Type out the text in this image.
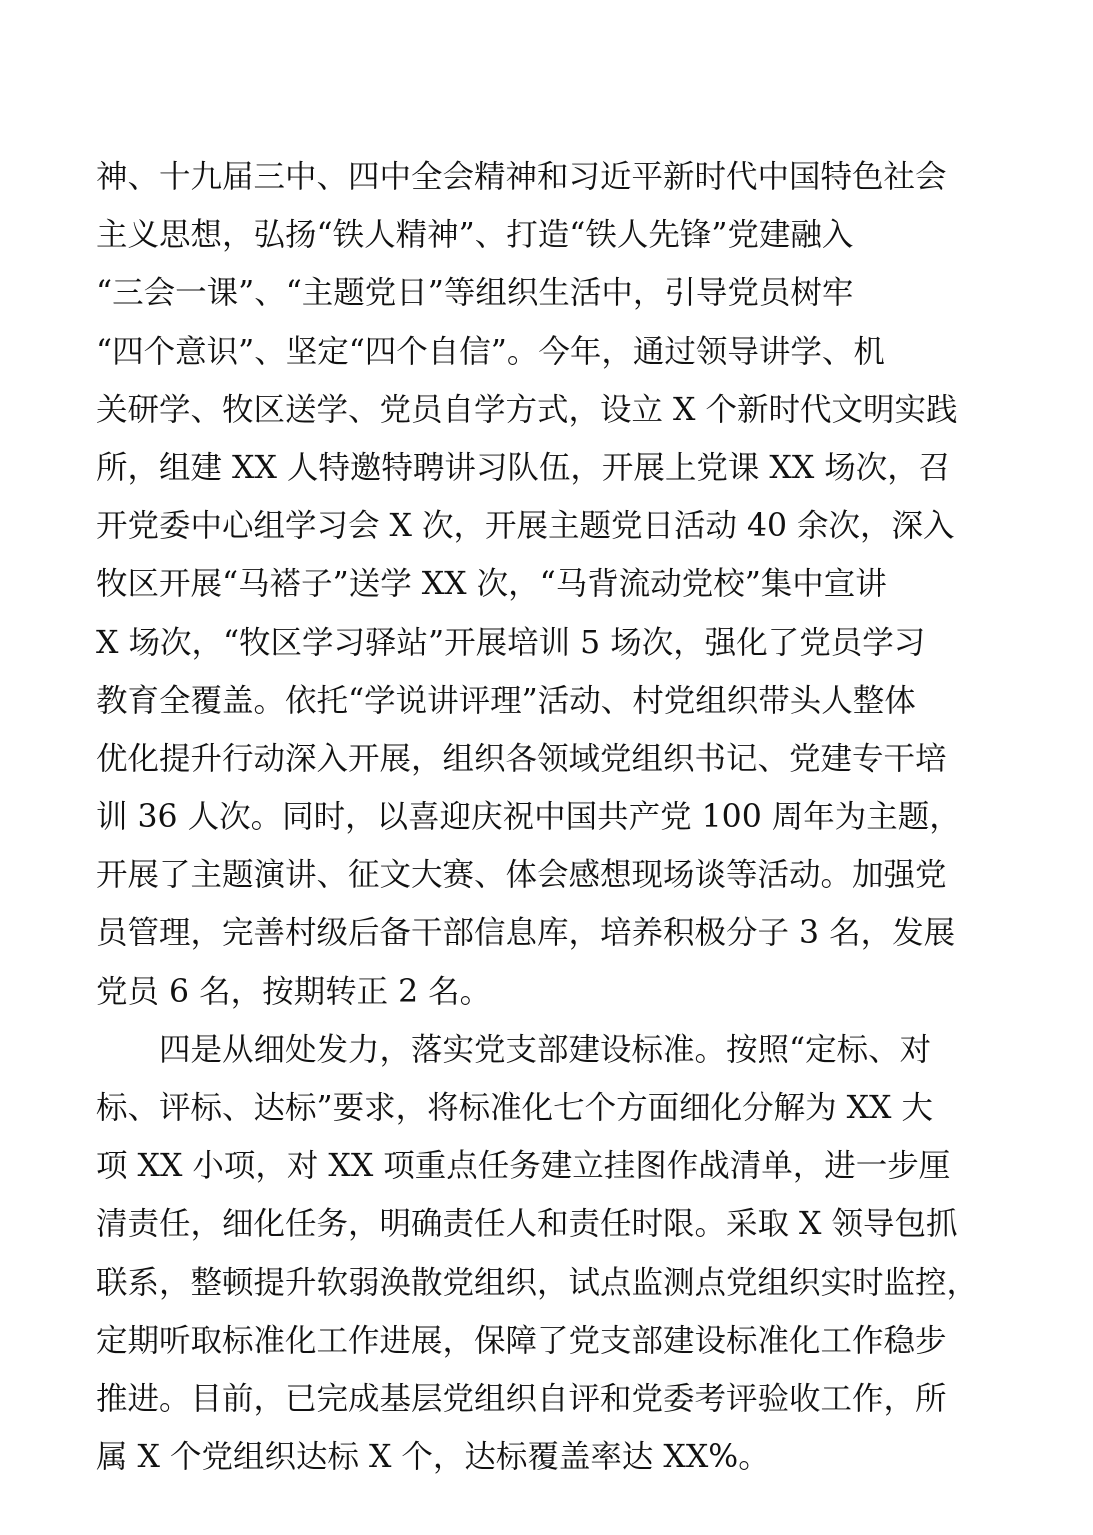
神、十九届三中、四中全会精神和习近平新时代中国特色社会
主义思想，弘扬“铁人精神”、打造“铁人先锋”党建融入
“三会一课”、“主题党日”等组织生活中，引导党员树牢
“四个意识”、坚定“四个自信”。今年，通过领导讲学、机
关研学、牧区送学、党员自学方式，设立 X 个新时代文明实践
所，组建 XX 人特邀特聘讲习队伍，开展上党课 XX 场次，召
开党委中心组学习会 X 次，开展主题党日活动 40 余次，深入
牧区开展“马褡子”送学 XX 次，“马背流动党校”集中宣讲
X 场次，“牧区学习驿站”开展培训 5 场次，强化了党员学习
教育全覆盖。依托“学说讲评理”活动、村党组织带头人整体
优化提升行动深入开展，组织各领域党组织书记、党建专干培
训 36 人次。同时，以喜迎庆祝中国共产党 100 周年为主题，
开展了主题演讲、征文大赛、体会感想现场谈等活动。加强党
员管理，完善村级后备干部信息库，培养积极分子 3 名，发展
党员 6 名，按期转正 2 名。
　　四是从细处发力，落实党支部建设标准。按照“定标、对
标、评标、达标”要求，将标准化七个方面细化分解为 XX 大
项 XX 小项，对 XX 项重点任务建立挂图作战清单，进一步厘
清责任，细化任务，明确责任人和责任时限。采取 X 领导包抓
联系，整顿提升软弱涣散党组织，试点监测点党组织实时监控，
定期听取标准化工作进展，保障了党支部建设标准化工作稳步
推进。目前，已完成基层党组织自评和党委考评验收工作，所
属 X 个党组织达标 X 个，达标覆盖率达 XX%。
